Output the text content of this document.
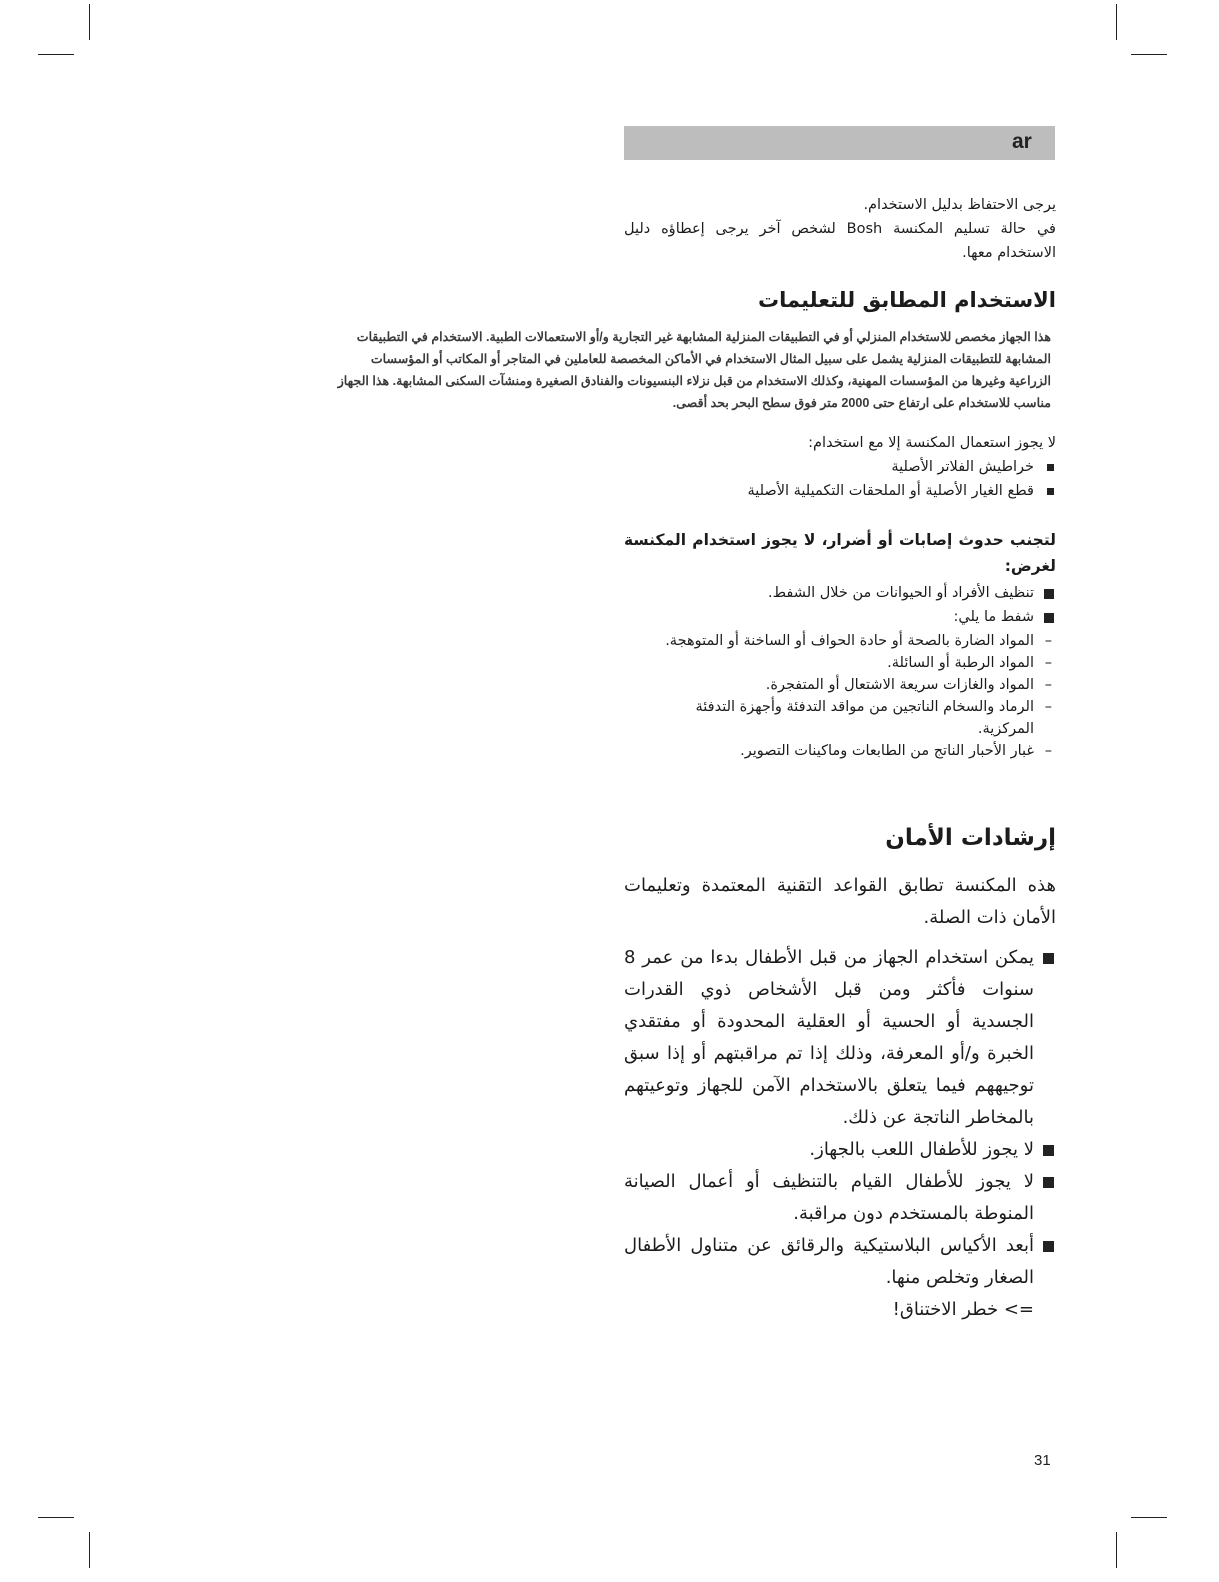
ar
يرجى الاحتفاظ بدليل الاستخدام.
في حالة تسليم المكنسة Bosh لشخص آخر يرجى إعطاؤه دليل الاستخدام معها.
الاستخدام المطابق للتعليمات
هذا الجهاز مخصص للاستخدام المنزلي أو في التطبيقات المنزلية المشابهة غير التجارية و/أو الاستعمالات الطبية. الاستخدام في التطبيقات المشابهة للتطبيقات المنزلية يشمل على سبيل المثال الاستخدام في الأماكن المخصصة للعاملين في المتاجر أو المكاتب أو المؤسسات الزراعية وغيرها من المؤسسات المهنية، وكذلك الاستخدام من قبل نزلاء البنسيونات والفنادق الصغيرة ومنشآت السكنى المشابهة. هذا الجهاز مناسب للاستخدام على ارتفاع حتى 2000 متر فوق سطح البحر بحد أقصى.
لا يجوز استعمال المكنسة إلا مع استخدام:
خراطيش الفلاتر الأصلية
قطع الغيار الأصلية أو الملحقات التكميلية الأصلية
لتجنب حدوث إصابات أو أضرار، لا يجوز استخدام المكنسة لغرض:
تنظيف الأفراد أو الحيوانات من خلال الشفط.
شفط ما يلي:
–
المواد الضارة بالصحة أو حادة الحواف أو الساخنة أو المتوهجة.
–
المواد الرطبة أو السائلة.
–
المواد والغازات سريعة الاشتعال أو المتفجرة.
–
الرماد والسخام الناتجين من مواقد التدفئة وأجهزة التدفئة المركزية.
–
غبار الأحبار الناتج من الطابعات وماكينات التصوير.
إرشادات الأمان
هذه المكنسة تطابق القواعد التقنية المعتمدة وتعليمات الأمان ذات الصلة.
يمكن استخدام الجهاز من قبل الأطفال بدءا من عمر 8 سنوات فأكثر ومن قبل الأشخاص ذوي القدرات الجسدية أو الحسية أو العقلية المحدودة أو مفتقدي الخبرة و/أو المعرفة، وذلك إذا تم مراقبتهم أو إذا سبق توجيههم فيما يتعلق بالاستخدام الآمن للجهاز وتوعيتهم بالمخاطر الناتجة عن ذلك.
لا يجوز للأطفال اللعب بالجهاز.
لا يجوز للأطفال القيام بالتنظيف أو أعمال الصيانة المنوطة بالمستخدم دون مراقبة.
أبعد الأكياس البلاستيكية والرقائق عن متناول الأطفال الصغار وتخلص منها.
=> خطر الاختناق!
31
